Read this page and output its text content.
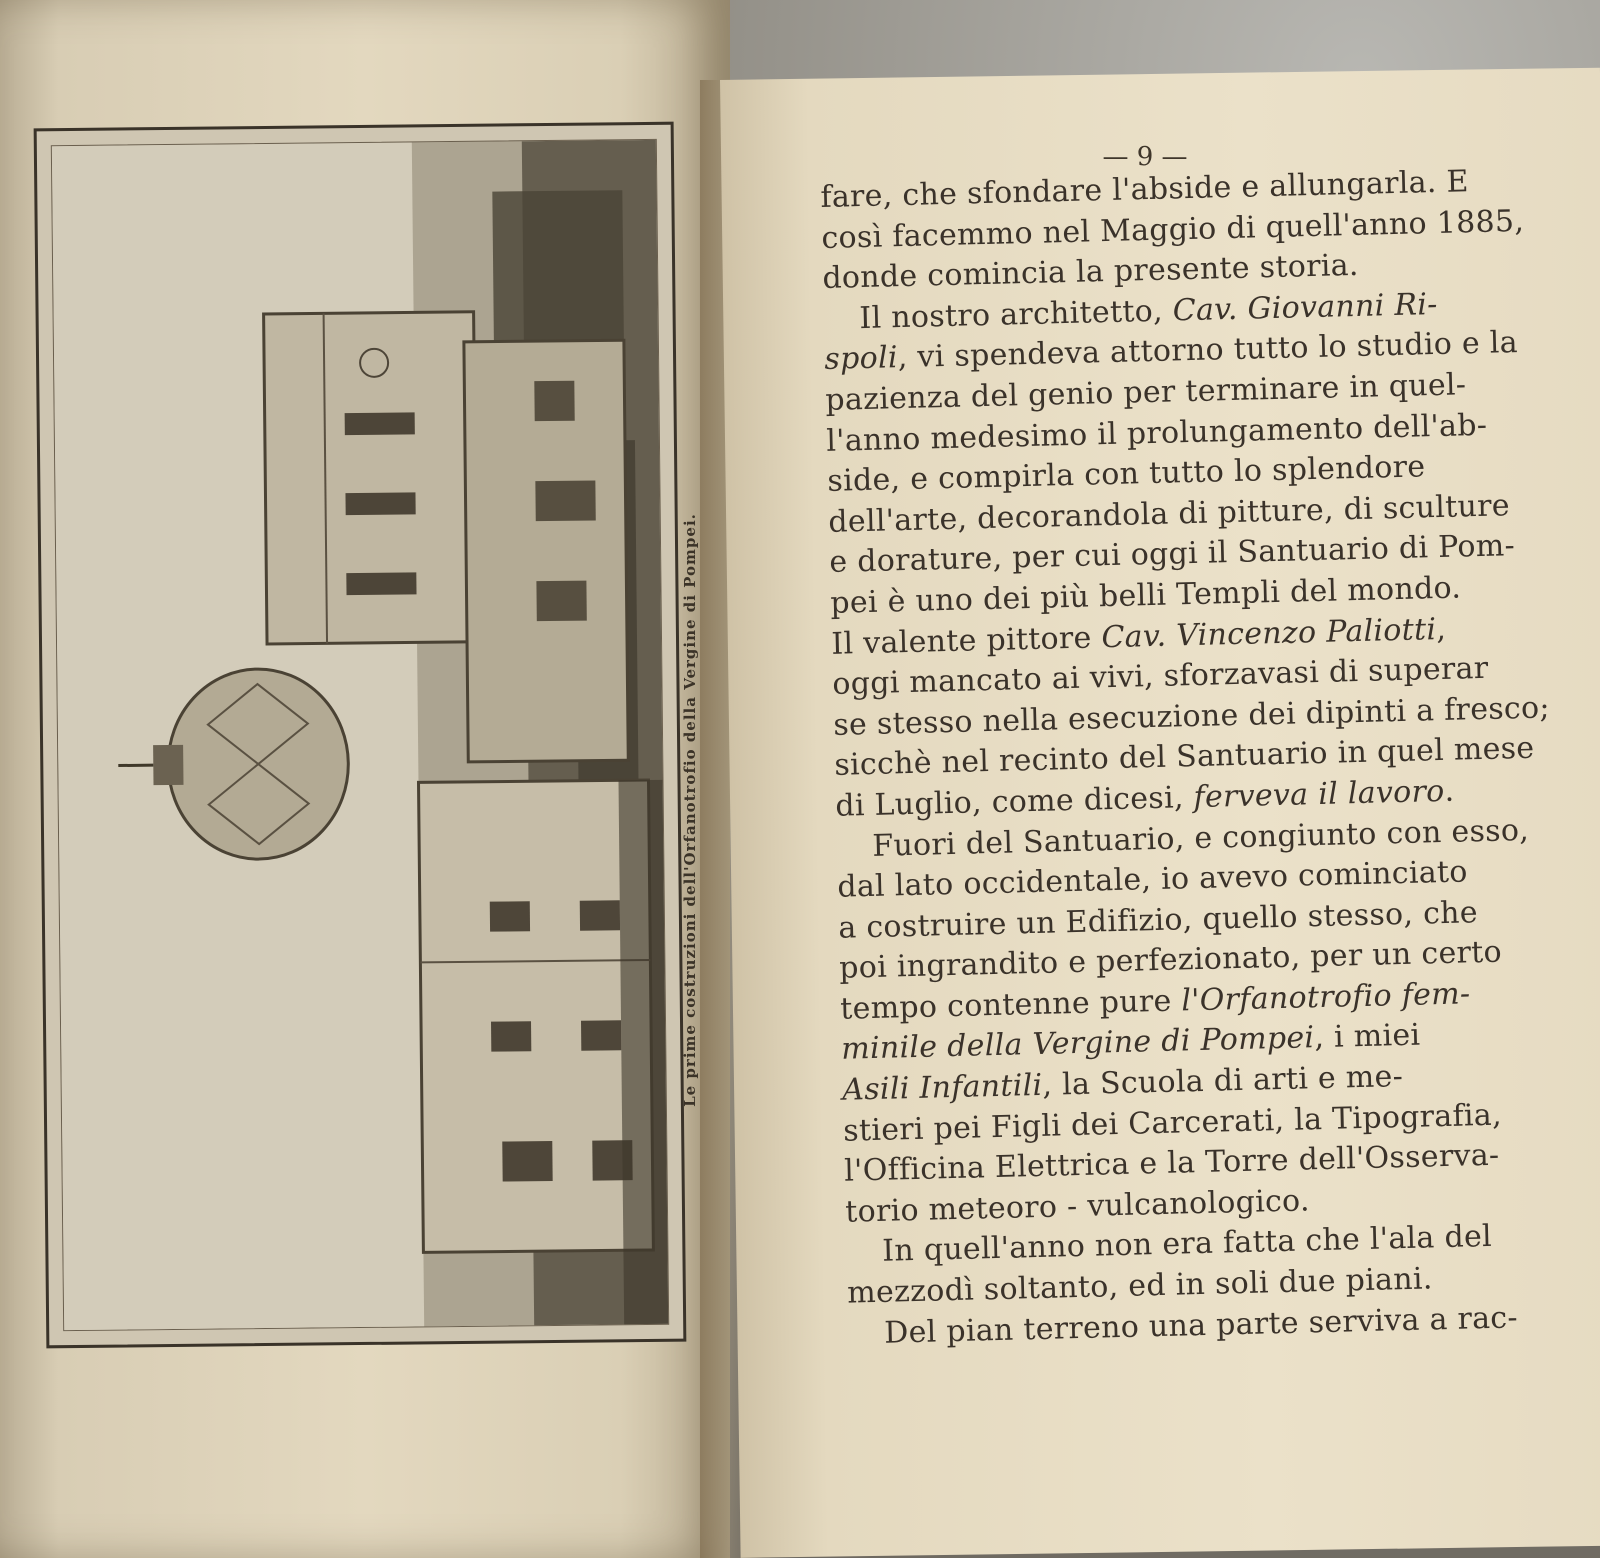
Le prime costruzioni dell'Orfanotrofio della Vergine di Pompei.
— 9 —
fare, che sfondare l'abside e allungarla. E
così facemmo nel Maggio di quell'anno 1885,
donde comincia la presente storia.
Il nostro architetto, Cav. Giovanni Ri-
spoli, vi spendeva attorno tutto lo studio e la
pazienza del genio per terminare in quel-
l'anno medesimo il prolungamento dell'ab-
side, e compirla con tutto lo splendore
dell'arte, decorandola di pitture, di sculture
e dorature, per cui oggi il Santuario di Pom-
pei è uno dei più belli Templi del mondo.
Il valente pittore Cav. Vincenzo Paliotti,
oggi mancato ai vivi, sforzavasi di superar
se stesso nella esecuzione dei dipinti a fresco;
sicchè nel recinto del Santuario in quel mese
di Luglio, come dicesi, ferveva il lavoro.
Fuori del Santuario, e congiunto con esso,
dal lato occidentale, io avevo cominciato
a costruire un Edifizio, quello stesso, che
poi ingrandito e perfezionato, per un certo
tempo contenne pure l'Orfanotrofio fem-
minile della Vergine di Pompei, i miei
Asili Infantili, la Scuola di arti e me-
stieri pei Figli dei Carcerati, la Tipografia,
l'Officina Elettrica e la Torre dell'Osserva-
torio meteoro - vulcanologico.
In quell'anno non era fatta che l'ala del
mezzodì soltanto, ed in soli due piani.
Del pian terreno una parte serviva a rac-
